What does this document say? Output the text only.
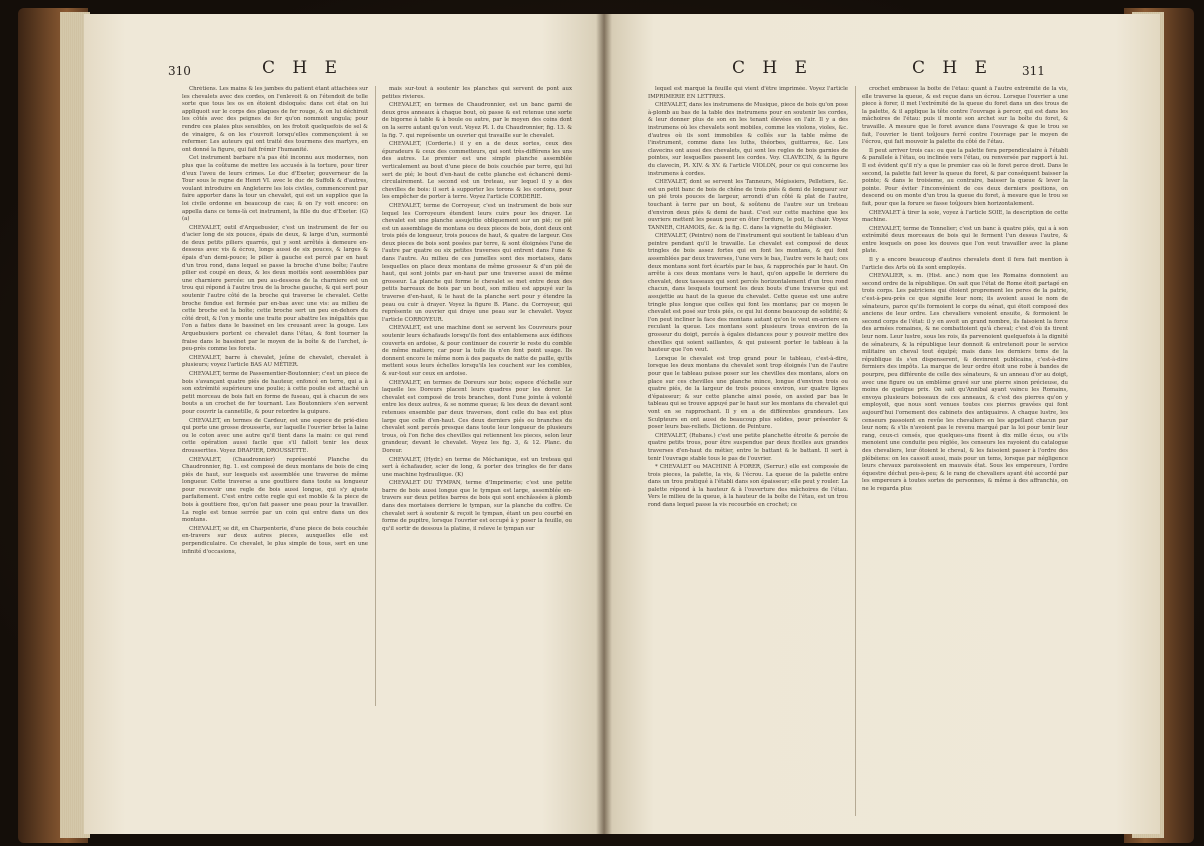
310	C H E

Chrétiens. Les mains & les jambes du patient étant attachées sur les chevalets avec des cordes, on l'enlevoit & on l'étendoit de telle sorte que tous les os en étoient disloqués: dans cet état on lui appliquoit sur le corps des plaques de fer rouge, & on lui déchiroit les côtés avec des peignes de fer qu'on nommoit ungula; pour rendre ces plaies plus sensibles, on les frotoit quelquefois de sel & de vinaigre, & on les r'ouvroit lorsqu'elles commençoient à se refermer. Les auteurs qui ont traité des tourmens des martyrs, en ont donné la figure, qui fait frémir l'humanité.

Cet instrument barbare n'a pas été inconnu aux modernes, non plus que la coûtume de mettre les accusés à la torture, pour tirer d'eux l'aveu de leurs crimes. Le duc d'Exeter, gouverneur de la Tour sous le regne de Henri VI. avec le duc de Suffolk & d'autres, voulant introduire en Angleterre les lois civiles, commencerent par faire apporter dans la tour un chevalet, qui est un supplice que la loi civile ordonne en beaucoup de cas; & on l'y voit encore: on appella dans ce tems-là cet instrument, la fille du duc d'Exeter. (G) (a)

CHEVALET, outil d'Arquebusier, c'est un instrument de fer ou d'acier long de six pouces, épais de deux, & large d'un, surmonté de deux petits piliers quarrés, qui y sont arrêtés à demeure en-dessous avec vis & écrou, longs aussi de six pouces, & larges & épais d'un demi-pouce; le pilier à gauche est percé par en haut d'un trou rond, dans lequel se passe la broche d'une boîte; l'autre pilier est coupé en deux, & les deux moitiés sont assemblées par une charniere percée: un peu au-dessous de la charniere est un trou qui répond à l'autre trou de la broche gauche, & qui sert pour soutenir l'autre côté de la broche qui traverse le chevalet. Cette broche fendue est fermée par en-bas avec une vis: au milieu de cette broche est la boîte; cette broche sert un peu en-dehors du côté droit, & l'on y monte une traite pour abattre les inégalités que l'on a faites dans le bassinet en les creusant avec la gouge. Les Arquebusiers portent ce chevalet dans l'étau, & font tourner la fraise dans le bassinet par le moyen de la boîte & de l'archet, à-peu-près comme les forets.

CHEVALET, barre à chevalet, jeûne de chevalet, chevalet à plusieurs; voyez l'article BAS AU MÉTIER.

CHEVALET, terme de Passementier-Boutonnier; c'est un piece de bois s'avançant quatre piés de hauteur, enfoncé en terre, qui a à son extrémité supérieure une poulie; à cette poulie est attaché un petit morceau de bois fait en forme de fuseau, qui à chacun de ses bouts a un crochet de fer tournant. Les Boutonniers s'en servent pour couvrir la cannetille, & pour retordre la guipure.

CHEVALET, en termes de Cardeur, est une espece de prié-dieu qui porte une grosse drousserte, sur laquelle l'ouvrier brise la laine ou le coton avec une autre qu'il tient dans la main: ce qui rend cette opération aussi facile que s'il falloit tenir les deux drousserttes. Voyez DRAPIER, DROUSSETTE.

CHEVALET, (Chaudronnier) représenté Planche du Chaudronnier, fig. 1. est composé de deux montans de bois de cinq piés de haut, sur lesquels est assemblée une traverse de même longueur. Cette traverse a une gouttiere dans toute sa longueur pour recevoir une regle de bois aussi longue, qui s'y ajuste parfaitement. C'est entre cette regle qui est mobile & la piece de bois à gouttiere fixe, qu'on fait passer une peau pour la travailler. La regle est tenue serrée par un coin qui entre dans un des montans.

CHEVALET, se dit, en Charpenterie, d'une piece de bois couchée en-travers sur deux autres pieces, auxquelles elle est perpendiculaire. Ce chevalet, le plus simple de tous, sert en une infinité d'occasions,

mais sur-tout à soutenir les planches qui servent de pont aux petites rivieres.

CHEVALET, en termes de Chaudronnier, est un banc garni de deux gros anneaux à chaque bout, où passe & est retenue une sorte de bigorne à table & à boule ou autre, par le moyen des coins dont on la serre autant qu'on veut. Voyez Pl. I. du Chaudronnier, fig. 13. & la fig. 7. qui représente un ouvrier qui travaille sur le chevalet.

CHEVALET, (Corderie.) il y en a de deux sortes, ceux des épuradeurs & ceux des commetteurs, qui sont très-différens les uns des autres. Le premier est une simple planche assemblée verticalement au bout d'une piece de bois couchée par terre, qui lui sert de pié; le bout d'en-haut de cette planche est échancré demi-circulairement. Le second est un treteau, sur lequel il y a des chevilles de bois: il sert à supporter les torons & les cordons, pour les empêcher de porter à terre. Voyez l'article CORDERIE.

CHEVALET, terme de Corroyeur, c'est un instrument de bois sur lequel les Corroyeurs étendent leurs cuirs pour les drayer. Le chevalet est une planche assujettie obliquement sur un pié; ce pié est un assemblage de montans ou deux pieces de bois, dont deux ont trois piés de longueur, trois pouces de haut, & quatre de largeur. Ces deux pieces de bois sont posées par terre, & sont éloignées l'une de l'autre par quatre ou six petites traverses qui entrent dans l'une & dans l'autre. Au milieu de ces jumelles sont des mortaises, dans lesquelles on place deux montans de même grosseur & d'un pié de haut, qui sont joints par en-haut par une traverse aussi de même grosseur. La planche qui forme le chevalet se met entre deux des petits barreaux de bois par un bout, son milieu est appuyé sur la traverse d'en-haut, & le haut de la planche sert pour y étendre la peau ou cuir à drayer. Voyez la figure B. Planc. du Corroyeur, qui représente un ouvrier qui draye une peau sur le chevalet. Voyez l'article CORROYEUR.

CHEVALET, est une machine dont se servent les Couvreurs pour soutenir leurs échafauds lorsqu'ils font des entablemens aux édifices couverts en ardoise, & pour continuer de couvrir le reste du comble de même matiere; car pour la tuile ils n'en font point usage. Ils donnent encore le même nom à des paquets de natte de paille, qu'ils mettent sous leurs échelles lorsqu'ils les couchent sur les combles, & sur-tout sur ceux en ardoise.

CHEVALET, en termes de Doreurs sur bois; espece d'échelle sur laquelle les Doreurs placent leurs quadres pour les dorer. Le chevalet est composé de trois branches, dont l'une jointe à volonté entre les deux autres, & se nomme queue; & les deux de devant sont retenues ensemble par deux traverses, dont celle du bas est plus large que celle d'en-haut. Ces deux derniers piés ou branches du chevalet sont percés presque dans toute leur longueur de plusieurs trous, où l'on fiche des chevilles qui retiennent les pieces, selon leur grandeur, devant le chevalet. Voyez les fig. 3, & 12. Planc. du Doreur.

CHEVALET, (Hydr.) en terme de Méchanique, est un treteau qui sert à échafauder, scier de long, & porter des tringles de fer dans une machine hydraulique. (K)

CHEVALET DU TYMPAN, terme d'Imprimerie; c'est une petite barre de bois aussi longue que le tympan est large, assemblée en-travers sur deux petites barres de bois qui sont enchâssées à plomb dans des mortaises derriere le tympan, sur la planche du coffre. Ce chevalet sert à soutenir & reçoit le tympan, étant un peu courbé en forme de pupitre, lorsque l'ouvrier est occupé à y poser la feuille, ou qu'il sortir de dessous la platine, il releve le tympan sur

C H E	C H E 311

lequel est marqué la feuille qui vient d'être imprimée. Voyez l'article IMPRIMERIE EN LETTRES.

CHEVALET, dans les instrumens de Musique, piece de bois qu'on pose à-plomb au bas de la table des instrumens pour en soutenir les cordes, & leur donner plus de son en les tenant élevées en l'air. Il y a des instrumens où les chevalets sont mobiles, comme les violons, violes, &c. d'autres où ils sont immobiles & collés sur la table même de l'instrument, comme dans les luths, théorbes, guittarres, &c. Les clavecins ont aussi des chevalets, qui sont les regles de bois garnies de pointes, sur lesquelles passent les cordes. Voy. CLAVECIN, & la figure du clavecin, Pl. XIV. & XV. & l'article VIOLON, pour ce qui concerne les instrumens à cordes.

CHEVALET, dont se servent les Tanneurs, Mégissiers, Pelletiers, &c. est un petit banc de bois de chêne de trois piés & demi de longueur sur un pié trois pouces de largeur, arrondi d'un côté & plat de l'autre, touchant à terre par un bout, & soûtenu de l'autre sur un treteau d'environ deux piés & demi de haut. C'est sur cette machine que les ouvriers mettent les peaux pour en ôter l'ordure, le poil, la chair. Voyez TANNER, CHAMOIS, &c. & la fig. C. dans la vignette du Mégissier.

CHEVALET, (Peintre) nom de l'instrument qui soutient le tableau d'un peintre pendant qu'il le travaille. Le chevalet est composé de deux tringles de bois assez fortes qui en font les montans, & qui font assemblées par deux traverses, l'une vers le bas, l'autre vers le haut; ces deux montans sont fort écartés par le bas, & rapprochés par le haut. On arrête à ces deux montans vers le haut, qu'on appelle le derriere du chevalet, deux tasseaux qui sont percés horizontalement d'un trou rond chacun, dans lesquels tournent les deux bouts d'une traverse qui est assujettie au haut de la queue du chevalet. Cette queue est une autre tringle plus longue que celles qui font les montans; par ce moyen le chevalet est posé sur trois piés, ce qui lui donne beaucoup de solidité; & l'on peut incliner la face des montans autant qu'on le veut en-arriere en reculant la queue. Les montans sont plusieurs trous environ de la grosseur du doigt, percés à égales distances pour y pouvoir mettre des chevilles qui soient saillantes, & qui puissent porter le tableau à la hauteur que l'on veut.

Lorsque le chevalet est trop grand pour le tableau, c'est-à-dire, lorsque les deux montans du chevalet sont trop éloignés l'un de l'autre pour que le tableau puisse poser sur les chevilles des montans, alors on place sur ces chevilles une planche mince, longue d'environ trois ou quatre piés, de la largeur de trois pouces environ, sur quatre lignes d'épaisseur; & sur cette planche ainsi posée, on assied par bas le tableau qui se trouve appuyé par le haut sur les montans du chevalet qui vont en se rapprochant. Il y en a de différentes grandeurs. Les Sculpteurs en ont aussi de beaucoup plus solides, pour présenter & poser leurs bas-reliefs. Dictionn. de Peinture.

CHEVALET, (Rubans.) c'est une petite planchette étroite & percée de quatre petits trous, pour être suspendue par deux ficelles aux grandes traverses d'en-haut du métier, entre le battant & le battant. Il sert à tenir l'ouvrage stable tous le pas de l'ouvrier.

* CHEVALET ou MACHINE À FORER, (Serrur.) elle est composée de trois pieces, la palette, la vis, & l'écrou. La queue de la palette entre dans un trou pratiqué à l'établi dans son épaisseur; elle peut y rouler. La palette répond à la hauteur & à l'ouverture des mâchoires de l'étau. Vers le milieu de la queue, à la hauteur de la boîte de l'étau, est un trou rond dans lequel passe la vis recourbée en crochet; ce

crochet embrasse la boîte de l'étau: quant à l'autre extrémité de la vis, elle traverse la queue, & est reçue dans un écrou. Lorsque l'ouvrier a une piece à forer, il met l'extrémité de la queue du foret dans un des trous de la palette, & il applique la tête contre l'ouvrage à percer, qui est dans les mâchoires de l'étau: puis il monte son archet sur la boîte du foret, & travaille. A mesure que le foret avance dans l'ouvrage & que le trou se fait, l'ouvrier le tient toûjours ferré contre l'ouvrage par le moyen de l'écrou, qui fait mouvoir la palette du côté de l'étau.

Il peut arriver trois cas: ou que la palette fera perpendiculaire à l'établi & parallele à l'étau, ou inclinée vers l'étau, ou renversée par rapport à lui. Il est évident qu'il n'y a que le premier cas où le foret perce droit. Dans le second, la palette fait lever la queue du foret, & par conséquent baisser la pointe; & dans le troisieme, au contraire, baisser la queue & lever la pointe. Pour éviter l'inconvénient de ces deux derniers positions, on descend ou on monte d'un trou la queue du foret, à mesure que le trou se fait, pour que la forure se fasse toûjours bien horizontalement.

CHEVALET à tirer la soie, voyez à l'article SOIE, la description de cette machine.

CHEVALET, terme de Tonnelier; c'est un banc à quatre piés, qui a à son extrémité deux morceaux de bois qui le ferment l'un dessus l'autre, & entre lesquels on pose les douves que l'on veut travailler avec la plane plate.

Il y a encore beaucoup d'autres chevalets dont il fera fait mention à l'article des Arts où ils sont employés.

CHEVALIER, s. m. (Hist. anc.) nom que les Romains donnoient au second ordre de la république. On sait que l'état de Rome étoit partagé en trois corps. Les patriciens qui étoient proprement les peres de la patrie, c'est-à-peu-près ce que signifie leur nom; ils avoient aussi le nom de sénateurs, parce qu'ils formoient le corps du sénat, qui étoit composé des anciens de leur ordre. Les chevaliers venoient ensuite, & formoient le second corps de l'état: il y en avoit un grand nombre, ils faisoient la force des armées romaines, & ne combattoient qu'à cheval; c'est d'où ils tirent leur nom. Leur lustre, sous les rois, ils parvenoient quelquefois à la dignité de sénateurs, & la république leur donnoit & entretenoit pour le service militaire un cheval tout équipé; mais dans les derniers tems de la république ils s'en dispenserent, & devinrent publicains, c'est-à-dire fermiers des impôts. La marque de leur ordre étoit une robe à bandes de pourpre, peu différente de celle des sénateurs, & un anneau d'or au doigt, avec une figure ou un emblème gravé sur une pierre sinon précieuse, du moins de quelque prix. On sait qu'Annibal ayant vaincu les Romains, envoya plusieurs boisseaux de ces anneaux, & c'est des pierres qu'on y employoit, que nous sont venues toutes ces pierres gravées qui font aujourd'hui l'ornement des cabinets des antiquaires. A chaque lustre, les censeurs passoient en revûe les chevaliers en les appellant chacun par leur nom; & s'ils n'avoient pas le revenu marqué par la loi pour tenir leur rang, ceux-ci censés, que quelques-uns fixent à dix mille écus, ou s'ils menoient une conduite peu réglée, les censeurs les rayoient du catalogue des chevaliers, leur ôtoient le cheval, & les faisoient passer à l'ordre des plébéiens: on les cassoit aussi, mais pour un tems, lorsque par négligence leurs chevaux paroissoient en mauvais état. Sous les empereurs, l'ordre équestre déchut peu-à-peu; & le rang de chevaliers ayant été accordé par les empereurs à toutes sortes de personnes, & même à des affranchis, on ne le regarda plus
